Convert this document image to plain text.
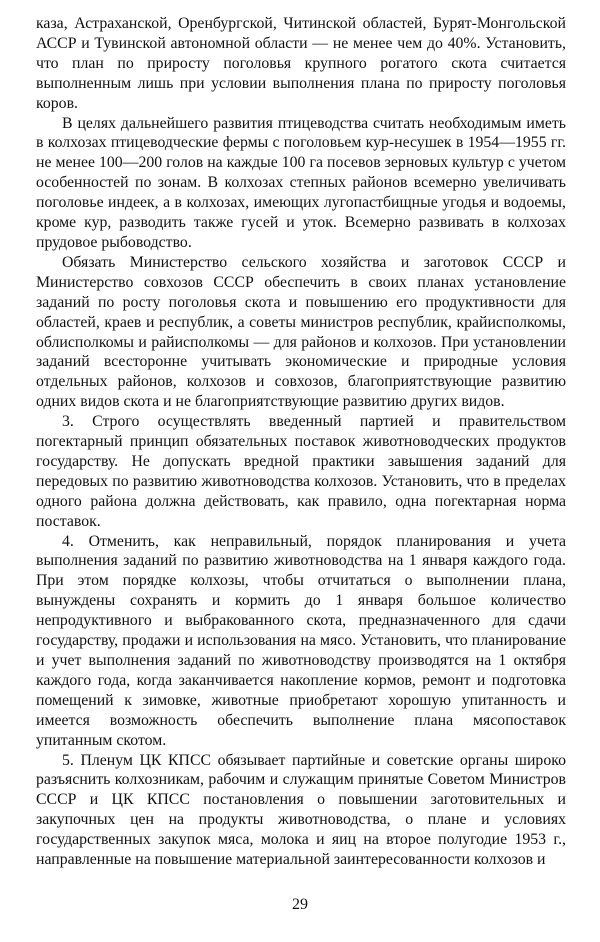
каза, Астраханской, Оренбургской, Читинской областей, Бурят-Монгольской АССР и Тувинской автономной области — не менее чем до 40%. Установить, что план по приросту поголовья крупного рогатого скота считается выполненным лишь при условии выполнения плана по приросту поголовья коров.

В целях дальнейшего развития птицеводства считать необходимым иметь в колхозах птицеводческие фермы с поголовьем кур-несушек в 1954—1955 гг. не менее 100—200 голов на каждые 100 га посевов зерновых культур с учетом особенностей по зонам. В колхозах степных районов всемерно увеличивать поголовье индеек, а в колхозах, имеющих лугопастбищные угодья и водоемы, кроме кур, разводить также гусей и уток. Всемерно развивать в колхозах прудовое рыбоводство.

Обязать Министерство сельского хозяйства и заготовок СССР и Министерство совхозов СССР обеспечить в своих планах установление заданий по росту поголовья скота и повышению его продуктивности для областей, краев и республик, а советы министров республик, крайисполкомы, облисполкомы и райисполкомы — для районов и колхозов. При установлении заданий всесторонне учитывать экономические и природные условия отдельных районов, колхозов и совхозов, благоприятствующие развитию одних видов скота и не благоприятствующие развитию других видов.

3. Строго осуществлять введенный партией и правительством погектарный принцип обязательных поставок животноводческих продуктов государству. Не допускать вредной практики завышения заданий для передовых по развитию животноводства колхозов. Установить, что в пределах одного района должна действовать, как правило, одна погектарная норма поставок.

4. Отменить, как неправильный, порядок планирования и учета выполнения заданий по развитию животноводства на 1 января каждого года. При этом порядке колхозы, чтобы отчитаться о выполнении плана, вынуждены сохранять и кормить до 1 января большое количество непродуктивного и выбракованного скота, предназначенного для сдачи государству, продажи и использования на мясо. Установить, что планирование и учет выполнения заданий по животноводству производятся на 1 октября каждого года, когда заканчивается накопление кормов, ремонт и подготовка помещений к зимовке, животные приобретают хорошую упитанность и имеется возможность обеспечить выполнение плана мясопоставок упитанным скотом.

5. Пленум ЦК КПСС обязывает партийные и советские органы широко разъяснить колхозникам, рабочим и служащим принятые Советом Министров СССР и ЦК КПСС постановления о повышении заготовительных и закупочных цен на продукты животноводства, о плане и условиях государственных закупок мяса, молока и яиц на второе полугодие 1953 г., направленные на повышение материальной заинтересованности колхозов и

29
